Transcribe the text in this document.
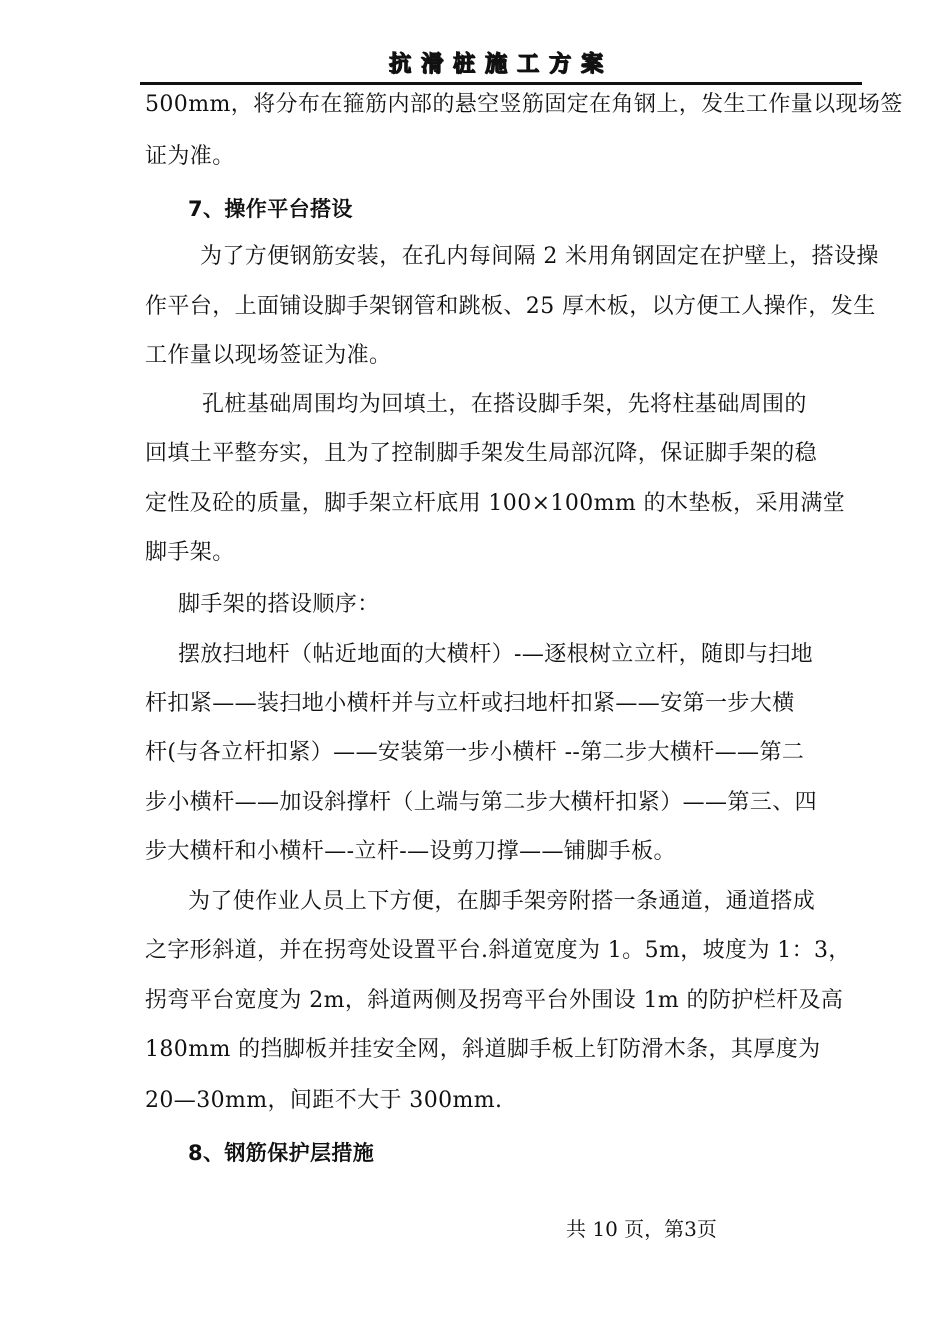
抗滑桩施工方案
500mm，将分布在箍筋内部的悬空竖筋固定在角钢上，发生工作量以现场签
证为准。
7、操作平台搭设
为了方便钢筋安装，在孔内每间隔 2 米用角钢固定在护壁上，搭设操
作平台，上面铺设脚手架钢管和跳板、25 厚木板，以方便工人操作，发生
工作量以现场签证为准。
孔桩基础周围均为回填土，在搭设脚手架，先将柱基础周围的
回填土平整夯实，且为了控制脚手架发生局部沉降，保证脚手架的稳
定性及砼的质量，脚手架立杆底用 100×100mm 的木垫板，采用满堂
脚手架。
脚手架的搭设顺序：
摆放扫地杆（帖近地面的大横杆）-—逐根树立立杆，随即与扫地
杆扣紧——装扫地小横杆并与立杆或扫地杆扣紧——安第一步大横
杆(与各立杆扣紧）——安装第一步小横杆 --第二步大横杆——第二
步小横杆——加设斜撑杆（上端与第二步大横杆扣紧）——第三、四
步大横杆和小横杆—-立杆-—设剪刀撑——铺脚手板。
为了使作业人员上下方便，在脚手架旁附搭一条通道，通道搭成
之字形斜道，并在拐弯处设置平台.斜道宽度为 1。5m，坡度为 1：3，
拐弯平台宽度为 2m，斜道两侧及拐弯平台外围设 1m 的防护栏杆及高
180mm 的挡脚板并挂安全网，斜道脚手板上钉防滑木条，其厚度为
20—30mm，间距不大于 300mm.
8、钢筋保护层措施
共 10 页，第3页
